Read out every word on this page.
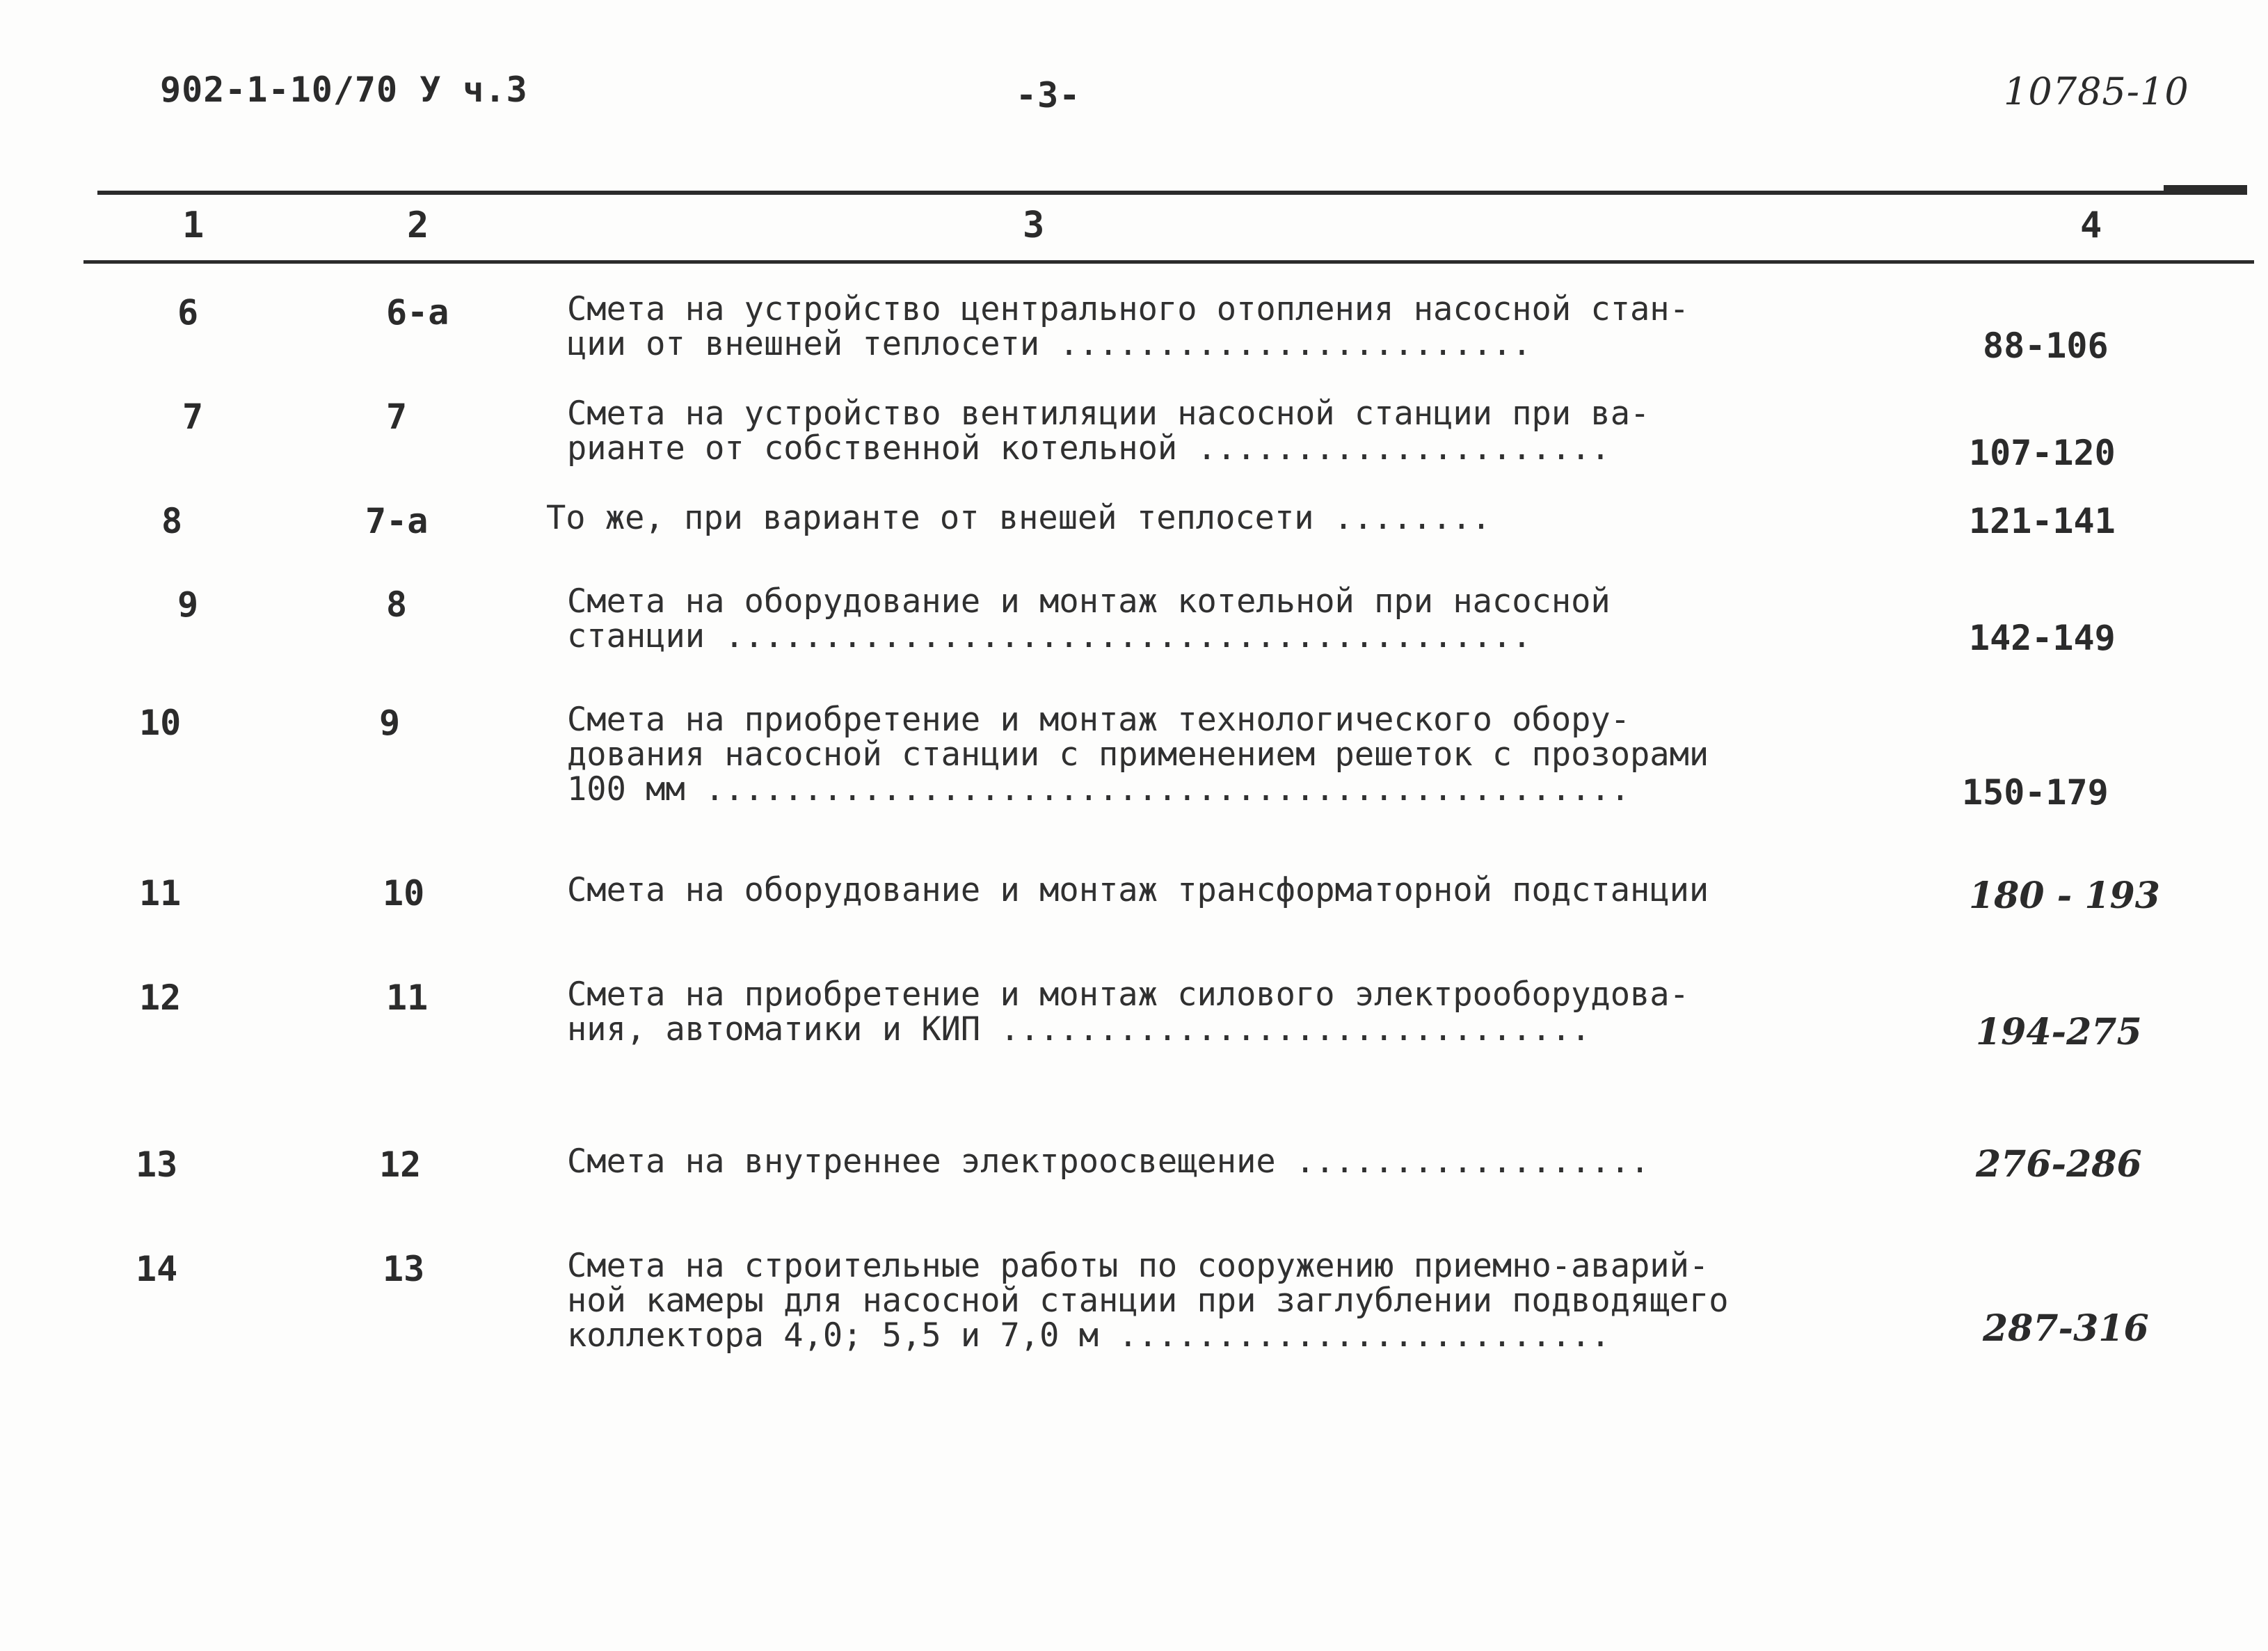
902-1-10/70 У ч.3	-3-	10785-10
1	2	3	4
6	6-а	Смета на устройство центрального отопления насосной стан-
ции от внешней теплосети ........................	88-106
7	7	Смета на устройство вентиляции насосной станции при ва-
рианте от собственной котельной .....................	107-120
8	7-а	То же, при варианте от внешей теплосети ........	121-141
9	8	Смета на оборудование и монтаж котельной при насосной
станции .........................................	142-149
10	9	Смета на приобретение и монтаж технологического обору-
дования насосной станции с применением решеток с прозорами
100 мм ...............................................	150-179
11	10	Смета на оборудование и монтаж трансформаторной подстанции	180 - 193
12	11	Смета на приобретение и монтаж силового электрооборудова-
ния, автоматики и КИП ..............................	194-275
13	12	Смета на внутреннее электроосвещение ..................	276-286
14	13	Смета на строительные работы по сооружению приемно-аварий-
ной камеры для насосной станции при заглублении подводящего
коллектора 4,0; 5,5 и 7,0 м .........................	287-316
